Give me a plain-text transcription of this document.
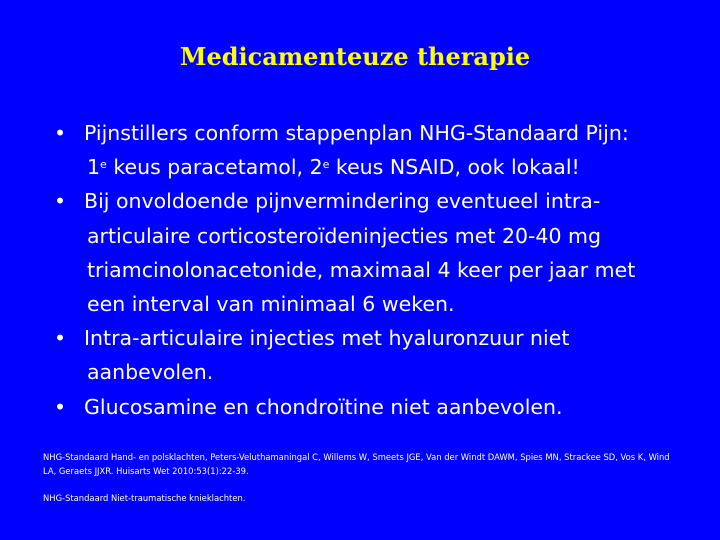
Medicamenteuze therapie
• Pijnstillers conform stappenplan NHG-Standaard Pijn:
1e keus paracetamol, 2e keus NSAID, ook lokaal!
• Bij onvoldoende pijnvermindering eventueel intra-
articulaire corticosteroïdeninjecties met 20-40 mg
triamcinolonacetonide, maximaal 4 keer per jaar met
een interval van minimaal 6 weken.
• Intra-articulaire injecties met hyaluronzuur niet
aanbevolen.
• Glucosamine en chondroïtine niet aanbevolen.

NHG-Standaard Hand- en polsklachten, Peters-Veluthamaningal C, Willems W, Smeets JGE, Van der Windt DAWM, Spies MN, Strackee SD, Vos K, Wind LA, Geraets JJXR. Huisarts Wet 2010:53(1):22-39.

NHG-Standaard Niet-traumatische knieklachten.
